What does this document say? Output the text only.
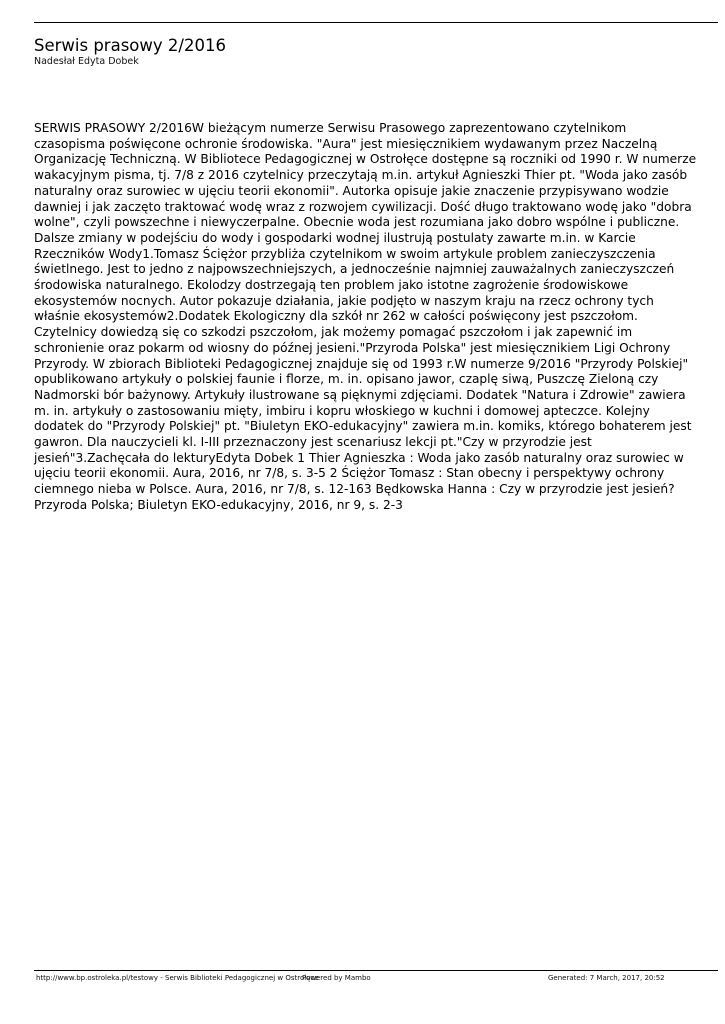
Serwis prasowy 2/2016
Nadesłał Edyta Dobek

SERWIS PRASOWY 2/2016W bieżącym numerze Serwisu Prasowego zaprezentowano czytelnikom czasopisma poświęcone ochronie środowiska. "Aura" jest miesięcznikiem wydawanym przez Naczelną Organizację Techniczną. W Bibliotece Pedagogicznej w Ostrołęce dostępne są roczniki od 1990 r. W numerze wakacyjnym pisma, tj. 7/8 z 2016 czytelnicy przeczytają m.in. artykuł Agnieszki Thier pt. "Woda jako zasób naturalny oraz surowiec w ujęciu teorii ekonomii". Autorka opisuje jakie znaczenie przypisywano wodzie dawniej i jak zaczęto traktować wodę wraz z rozwojem cywilizacji. Dość długo traktowano wodę jako "dobra wolne", czyli powszechne i niewyczerpalne. Obecnie woda jest rozumiana jako dobro wspólne i publiczne. Dalsze zmiany w podejściu do wody i gospodarki wodnej ilustrują postulaty zawarte m.in. w Karcie Rzeczników Wody1.Tomasz Ściężor przybliża czytelnikom w swoim artykule problem zanieczyszczenia świetlnego. Jest to jedno z najpowszechniejszych, a jednocześnie najmniej zauważalnych zanieczyszczeń środowiska naturalnego. Ekolodzy dostrzegają ten problem jako istotne zagrożenie środowiskowe ekosystemów nocnych. Autor pokazuje działania, jakie podjęto w naszym kraju na rzecz ochrony tych właśnie ekosystemów2.Dodatek Ekologiczny dla szkół nr 262 w całości poświęcony jest pszczołom. Czytelnicy dowiedzą się co szkodzi pszczołom, jak możemy pomagać pszczołom i jak zapewnić im schronienie oraz pokarm od wiosny do późnej jesieni."Przyroda Polska" jest miesięcznikiem Ligi Ochrony Przyrody. W zbiorach Biblioteki Pedagogicznej znajduje się od 1993 r.W numerze 9/2016 "Przyrody Polskiej" opublikowano artykuły o polskiej faunie i florze, m. in. opisano jawor, czaplę siwą, Puszczę Zieloną czy Nadmorski bór bażynowy. Artykuły ilustrowane są pięknymi zdjęciami. Dodatek "Natura i Zdrowie" zawiera m. in. artykuły o zastosowaniu mięty, imbiru i kopru włoskiego w kuchni i domowej apteczce. Kolejny dodatek do "Przyrody Polskiej" pt. "Biuletyn EKO-edukacyjny" zawiera m.in. komiks, którego bohaterem jest gawron. Dla nauczycieli kl. I-III przeznaczony jest scenariusz lekcji pt."Czy w przyrodzie jest jesień"3.Zachęcała do lekturyEdyta Dobek 1 Thier Agnieszka : Woda jako zasób naturalny oraz surowiec w ujęciu teorii ekonomii. Aura, 2016, nr 7/8, s. 3-5 2 Ściężor Tomasz : Stan obecny i perspektywy ochrony ciemnego nieba w Polsce. Aura, 2016, nr 7/8, s. 12-163 Będkowska Hanna : Czy w przyrodzie jest jesień? Przyroda Polska; Biuletyn EKO-edukacyjny, 2016, nr 9, s. 2-3

http://www.bp.ostroleka.pl/testowy - Serwis Biblioteki Pedagogicznej w Ostrołęce
Powered by Mambo	Generated: 7 March, 2017, 20:52
